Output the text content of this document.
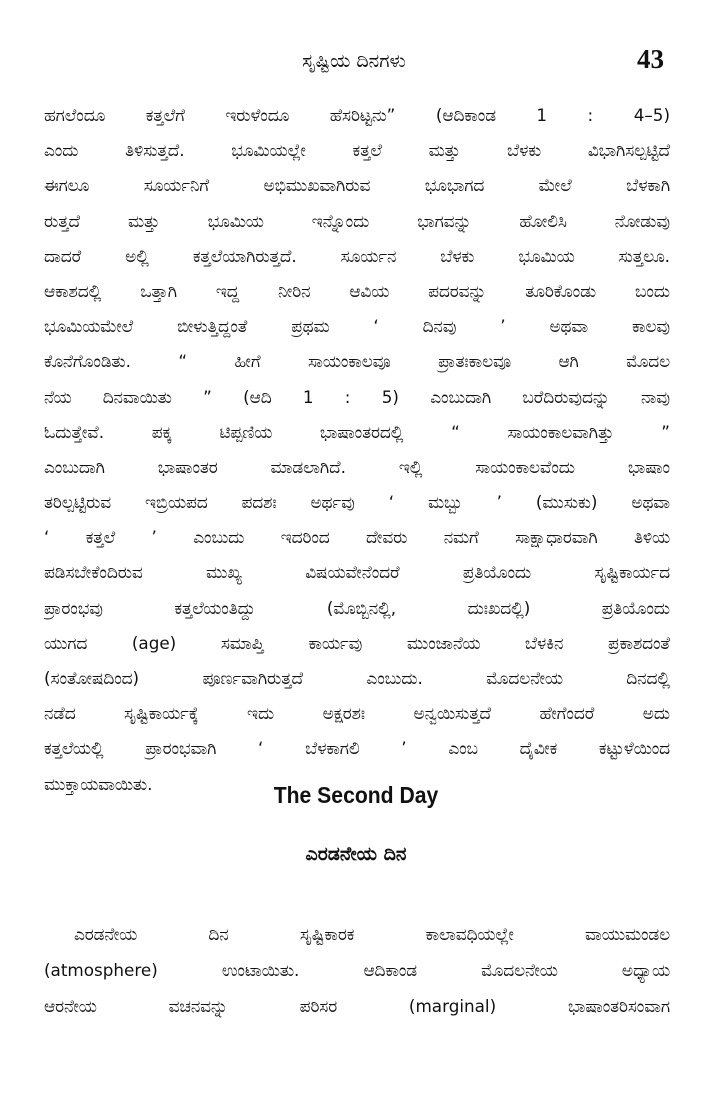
ಸೃಷ್ಟಿಯ ದಿನಗಳು	43
ಹಗಲೆಂದೂ ಕತ್ತಲೆಗೆ ಇರುಳೆಂದೂ ಹೆಸರಿಟ್ಟನು” (ಆದಿಕಾಂಡ 1 : 4–5)
ಎಂದು ತಿಳಿಸುತ್ತದೆ. ಭೂಮಿಯಲ್ಲೇ ಕತ್ತಲೆ ಮತ್ತು ಬೆಳಕು ವಿಭಾಗಿಸಲ್ಪಟ್ಟಿದೆ
ಈಗಲೂ ಸೂರ್ಯನಿಗೆ ಅಭಿಮುಖವಾಗಿರುವ ಭೂಭಾಗದ ಮೇಲೆ ಬೆಳಕಾಗಿ
ರುತ್ತದೆ ಮತ್ತು ಭೂಮಿಯ ಇನ್ನೊಂದು ಭಾಗವನ್ನು ಹೋಲಿಸಿ ನೋಡುವು
ದಾದರೆ ಅಲ್ಲಿ ಕತ್ತಲೆಯಾಗಿರುತ್ತದೆ. ಸೂರ್ಯನ ಬೆಳಕು ಭೂಮಿಯ ಸುತ್ತಲೂ.
ಆಕಾಶದಲ್ಲಿ ಒತ್ತಾಗಿ ಇದ್ದ ನೀರಿನ ಆವಿಯ ಪದರವನ್ನು ತೂರಿಕೊಂಡು ಬಂದು
ಭೂಮಿಯಮೇಲೆ ಬೀಳುತ್ತಿದ್ದಂತೆ ಪ್ರಥಮ ‘ ದಿನವು ’ ಅಥವಾ ಕಾಲವು
ಕೊನೆಗೊಂಡಿತು. “ ಹೀಗೆ ಸಾಯಂಕಾಲವೂ ಪ್ರಾತಃಕಾಲವೂ ಆಗಿ ಮೊದಲ
ನೆಯ ದಿನವಾಯಿತು ” (ಆದಿ 1 : 5) ಎಂಬುದಾಗಿ ಬರೆದಿರುವುದನ್ನು ನಾವು
ಓದುತ್ತೇವೆ. ಪಕ್ಕ ಟಿಪ್ಪಣಿಯ ಭಾಷಾಂತರದಲ್ಲಿ “ ಸಾಯಂಕಾಲವಾಗಿತ್ತು ”
ಎಂಬುದಾಗಿ ಭಾಷಾಂತರ ಮಾಡಲಾಗಿದೆ. ಇಲ್ಲಿ ಸಾಯಂಕಾಲವೆಂದು ಭಾಷಾಂ
ತರಿಲ್ಪಟ್ಟಿರುವ ಇಬ್ರಿಯಪದ ಪದಶಃ ಅರ್ಥವು ‘ ಮಬ್ಬು ’ (ಮುಸುಕು) ಅಥವಾ
‘ ಕತ್ತಲೆ ’ ಎಂಬುದು ಇದರಿಂದ ದೇವರು ನಮಗೆ ಸಾಕ್ಷಾಧಾರವಾಗಿ ತಿಳಿಯ
ಪಡಿಸಬೇಕೆಂದಿರುವ ಮುಖ್ಯ ವಿಷಯವೇನೆಂದರೆ ಪ್ರತಿಯೊಂದು ಸೃಷ್ಟಿಕಾರ್ಯದ
ಪ್ರಾರಂಭವು ಕತ್ತಲೆಯಂತಿದ್ದು (ಮೊಬ್ಬಿನಲ್ಲಿ, ದುಃಖದಲ್ಲಿ) ಪ್ರತಿಯೊಂದು
ಯುಗದ (age) ಸಮಾಪ್ತಿ ಕಾರ್ಯವು ಮುಂಜಾನೆಯ ಬೆಳಕಿನ ಪ್ರಕಾಶದಂತೆ
(ಸಂತೋಷದಿಂದ) ಪೂರ್ಣವಾಗಿರುತ್ತದೆ ಎಂಬುದು. ಮೊದಲನೇಯ ದಿನದಲ್ಲಿ
ನಡೆದ ಸೃಷ್ಟಿಕಾರ್ಯಕ್ಕೆ ಇದು ಅಕ್ಷರಶಃ ಅನ್ವಯಿಸುತ್ತದೆ ಹೇಗೆಂದರೆ ಅದು
ಕತ್ತಲೆಯಲ್ಲಿ ಪ್ರಾರಂಭವಾಗಿ ‘ ಬೆಳಕಾಗಲಿ ’ ಎಂಬ ದೈವೀಕ ಕಟ್ಟುಳೆಯಿಂದ
ಮುಕ್ತಾಯವಾಯಿತು.	The Second Day
ಎರಡನೇಯ ದಿನ
ಎರಡನೇಯ ದಿನ ಸೃಷ್ಟಿಕಾರಕ ಕಾಲಾವಧಿಯಲ್ಲೇ ವಾಯುಮಂಡಲ
(atmosphere) ಉಂಟಾಯಿತು. ಆದಿಕಾಂಡ ಮೊದಲನೇಯ ಅಧ್ಯಾಯ
ಆರನೇಯ ವಚನವನ್ನು ಪರಿಸರ (marginal) ಭಾಷಾಂತರಿಸಂವಾಗ
